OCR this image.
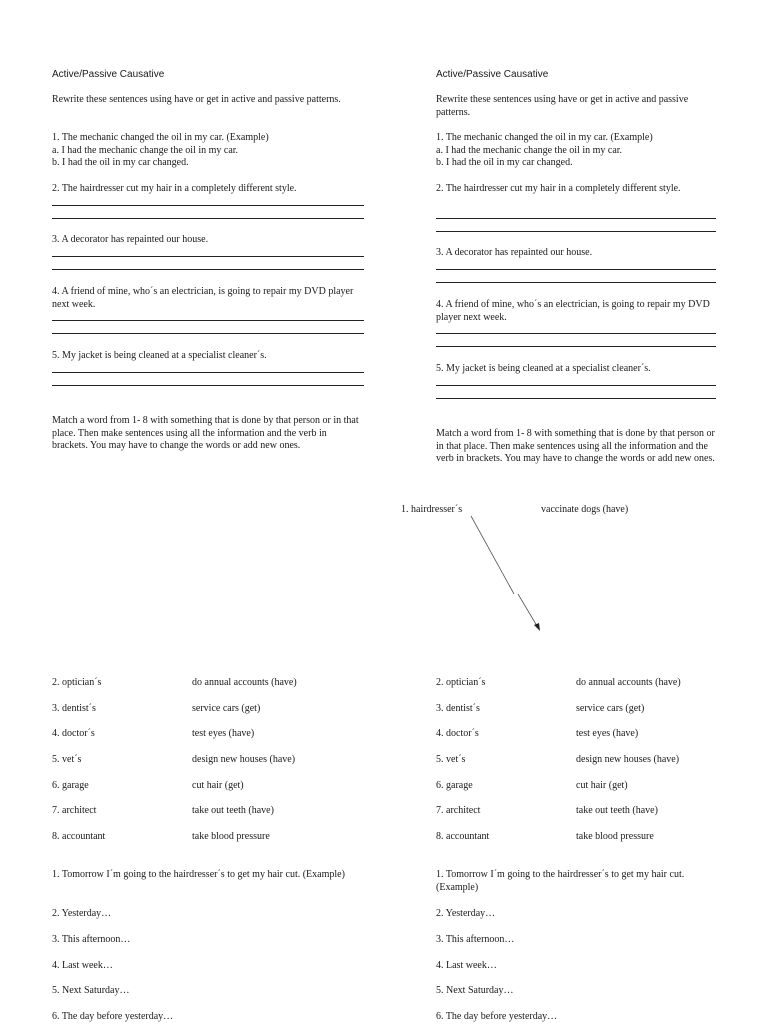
Active/Passive Causative

Rewrite these sentences using have or get in active and passive patterns.

1. The mechanic changed the oil in my car. (Example)

a. I had the mechanic change the oil in my car.

b. I had the oil in my car changed.

2. The hairdresser cut my hair in a completely different style.

3. A decorator has repainted our house.

4. A friend of mine, who´s an electrician, is going to repair my DVD player next week.

5. My jacket is being cleaned at a specialist cleaner´s.

Match a word from 1- 8 with something that is done by that person or in that place. Then make sentences using all the information and the verb in brackets. You may have to change the words or add new ones.

2. optician´s	do annual accounts (have)
3. dentist´s	service cars (get)
4. doctor´s	test eyes (have)
5. vet´s	design new houses (have)
6. garage	cut hair (get)
7. architect	take out teeth (have)
8. accountant	take blood pressure

1. Tomorrow I´m going to the hairdresser´s to get my hair cut. (Example)

2. Yesterday…

3. This afternoon…

4. Last week…

5. Next Saturday…

6. The day before yesterday…

Active/Passive Causative

Rewrite these sentences using have or get in active and passive patterns.

1. The mechanic changed the oil in my car. (Example)

a. I had the mechanic change the oil in my car.

b. I had the oil in my car changed.

2. The hairdresser cut my hair in a completely different style.

3. A decorator has repainted our house.

4. A friend of mine, who´s an electrician, is going to repair my DVD player next week.

5. My jacket is being cleaned at a specialist cleaner´s.

Match a word from 1- 8 with something that is done by that person or in that place. Then make sentences using all the information and the verb in brackets. You may have to change the words or add new ones.

2. optician´s	do annual accounts (have)
3. dentist´s	service cars (get)
4. doctor´s	test eyes (have)
5. vet´s	design new houses (have)
6. garage	cut hair (get)
7. architect	take out teeth (have)
8. accountant	take blood pressure

1. Tomorrow I´m going to the hairdresser´s to get my hair cut. (Example)

2. Yesterday…

3. This afternoon…

4. Last week…

5. Next Saturday…

6. The day before yesterday…

1. hairdresser´s	vaccinate dogs (have)
